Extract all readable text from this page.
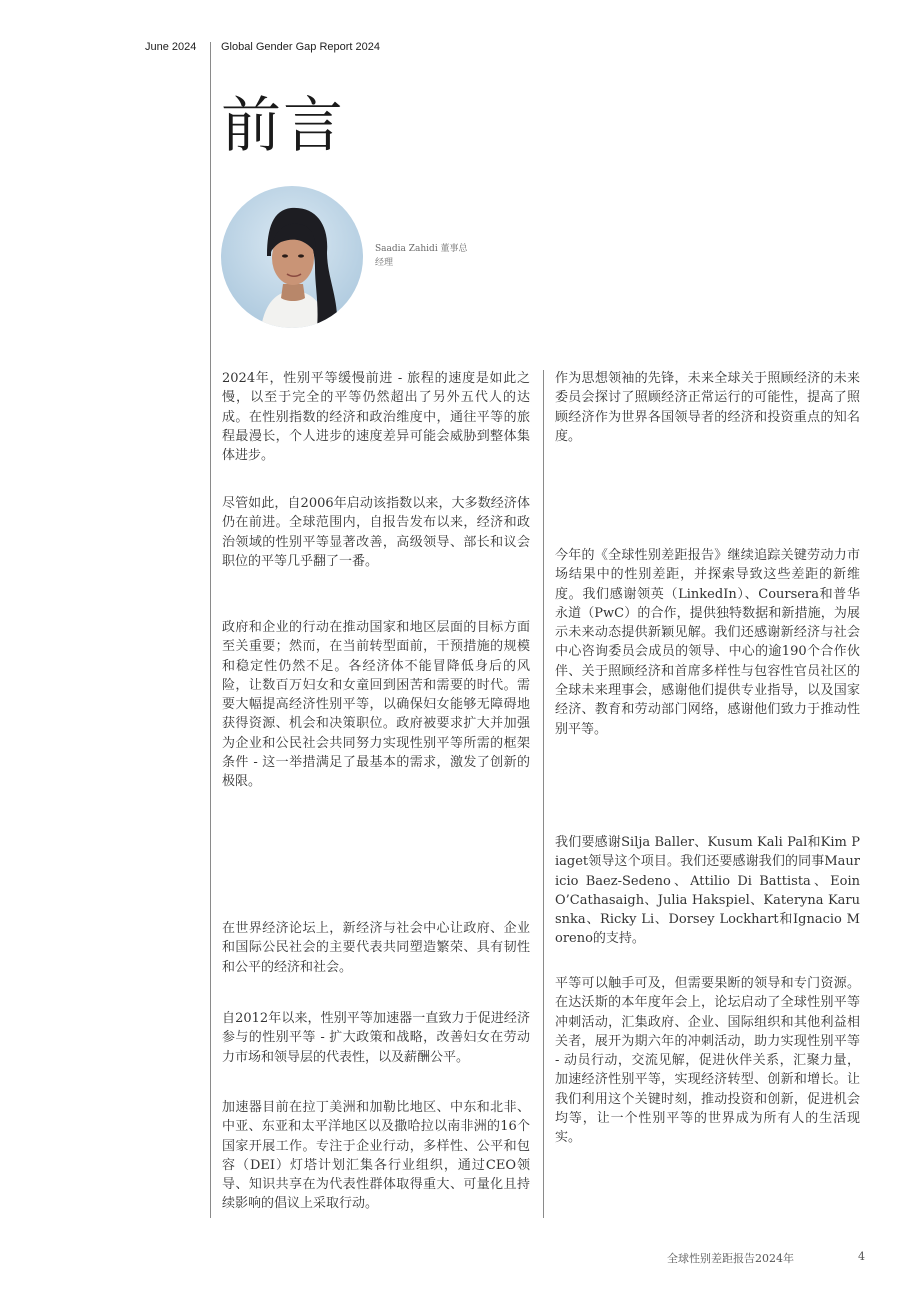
June 2024 Global Gender Gap Report 2024
前言
Saadia Zahidi 董事总经理

2024年，性别平等缓慢前进 - 旅程的速度是如此之慢，以至于完全的平等仍然超出了另外五代人的达成。在性别指数的经济和政治维度中，通往平等的旅程最漫长，个人进步的速度差异可能会威胁到整体集体进步。

尽管如此，自2006年启动该指数以来，大多数经济体仍在前进。全球范围内，自报告发布以来，经济和政治领域的性别平等显著改善，高级领导、部长和议会职位的平等几乎翻了一番。

政府和企业的行动在推动国家和地区层面的目标方面至关重要；然而，在当前转型面前，干预措施的规模和稳定性仍然不足。各经济体不能冒降低身后的风险，让数百万妇女和女童回到困苦和需要的时代。需要大幅提高经济性别平等，以确保妇女能够无障碍地获得资源、机会和决策职位。政府被要求扩大并加强为企业和公民社会共同努力实现性别平等所需的框架条件 - 这一举措满足了最基本的需求，激发了创新的极限。

在世界经济论坛上，新经济与社会中心让政府、企业和国际公民社会的主要代表共同塑造繁荣、具有韧性和公平的经济和社会。

自2012年以来，性别平等加速器一直致力于促进经济参与的性别平等 - 扩大政策和战略，改善妇女在劳动力市场和领导层的代表性，以及薪酬公平。

加速器目前在拉丁美洲和加勒比地区、中东和北非、中亚、东亚和太平洋地区以及撒哈拉以南非洲的16个国家开展工作。专注于企业行动，多样性、公平和包容（DEI）灯塔计划汇集各行业组织，通过CEO领导、知识共享在为代表性群体取得重大、可量化且持续影响的倡议上采取行动。

作为思想领袖的先锋，未来全球关于照顾经济的未来委员会探讨了照顾经济正常运行的可能性，提高了照顾经济作为世界各国领导者的经济和投资重点的知名度。

今年的《全球性别差距报告》继续追踪关键劳动力市场结果中的性别差距，并探索导致这些差距的新维度。我们感谢领英（LinkedIn）、Coursera和普华永道（PwC）的合作，提供独特数据和新措施，为展示未来动态提供新颖见解。我们还感谢新经济与社会中心咨询委员会成员的领导、中心的逾190个合作伙伴、关于照顾经济和首席多样性与包容性官员社区的全球未来理事会，感谢他们提供专业指导，以及国家经济、教育和劳动部门网络，感谢他们致力于推动性别平等。

我们要感谢Silja Baller、Kusum Kali Pal和Kim Piaget领导这个项目。我们还要感谢我们的同事Mauricio Baez-Sedeno、Attilio Di Battista、Eoin O’Cathasaigh、Julia Hakspiel、Kateryna Karusnka、Ricky Li、Dorsey Lockhart和Ignacio Moreno的支持。

平等可以触手可及，但需要果断的领导和专门资源。在达沃斯的本年度年会上，论坛启动了全球性别平等冲刺活动，汇集政府、企业、国际组织和其他利益相关者，展开为期六年的冲刺活动，助力实现性别平等 - 动员行动，交流见解，促进伙伴关系，汇聚力量，加速经济性别平等，实现经济转型、创新和增长。让我们利用这个关键时刻，推动投资和创新，促进机会均等，让一个性别平等的世界成为所有人的生活现实。

全球性别差距报告2024年	4
